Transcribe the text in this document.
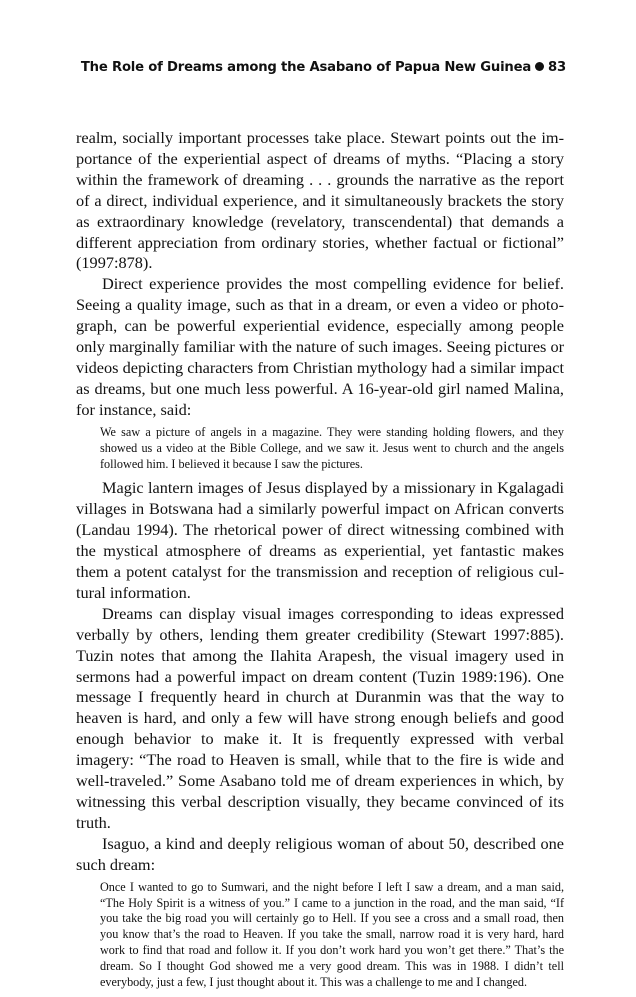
The Role of Dreams among the Asabano of Papua New Guinea 83

realm, socially important processes take place. Stewart points out the importance of the experiential aspect of dreams of myths. “Placing a story within the framework of dreaming . . . grounds the narrative as the report of a direct, individual experience, and it simultaneously brackets the story as extraordinary knowledge (revelatory, transcendental) that demands a different appreciation from ordinary stories, whether factual or fictional” (1997:878).

Direct experience provides the most compelling evidence for belief. Seeing a quality image, such as that in a dream, or even a video or photograph, can be powerful experiential evidence, especially among people only marginally familiar with the nature of such images. Seeing pictures or videos depicting characters from Christian mythology had a similar impact as dreams, but one much less powerful. A 16-year-old girl named Malina, for instance, said:

We saw a picture of angels in a magazine. They were standing holding flowers, and they showed us a video at the Bible College, and we saw it. Jesus went to church and the angels followed him. I believed it because I saw the pictures.

Magic lantern images of Jesus displayed by a missionary in Kgalagadi villages in Botswana had a similarly powerful impact on African converts (Landau 1994). The rhetorical power of direct witnessing combined with the mystical atmosphere of dreams as experiential, yet fantastic makes them a potent catalyst for the transmission and reception of religious cultural information.

Dreams can display visual images corresponding to ideas expressed verbally by others, lending them greater credibility (Stewart 1997:885). Tuzin notes that among the Ilahita Arapesh, the visual imagery used in sermons had a powerful impact on dream content (Tuzin 1989:196). One message I frequently heard in church at Duranmin was that the way to heaven is hard, and only a few will have strong enough beliefs and good enough behavior to make it. It is frequently expressed with verbal imagery: “The road to Heaven is small, while that to the fire is wide and well-traveled.” Some Asabano told me of dream experiences in which, by witnessing this verbal description visually, they became convinced of its truth.

Isaguo, a kind and deeply religious woman of about 50, described one such dream:

Once I wanted to go to Sumwari, and the night before I left I saw a dream, and a man said, “The Holy Spirit is a witness of you.” I came to a junction in the road, and the man said, “If you take the big road you will certainly go to Hell. If you see a cross and a small road, then you know that’s the road to Heaven. If you take the small, narrow road it is very hard, hard work to find that road and follow it. If you don’t work hard you won’t get there.” That’s the dream. So I thought God showed me a very good dream. This was in 1988. I didn’t tell everybody, just a few, I just thought about it. This was a challenge to me and I changed.
